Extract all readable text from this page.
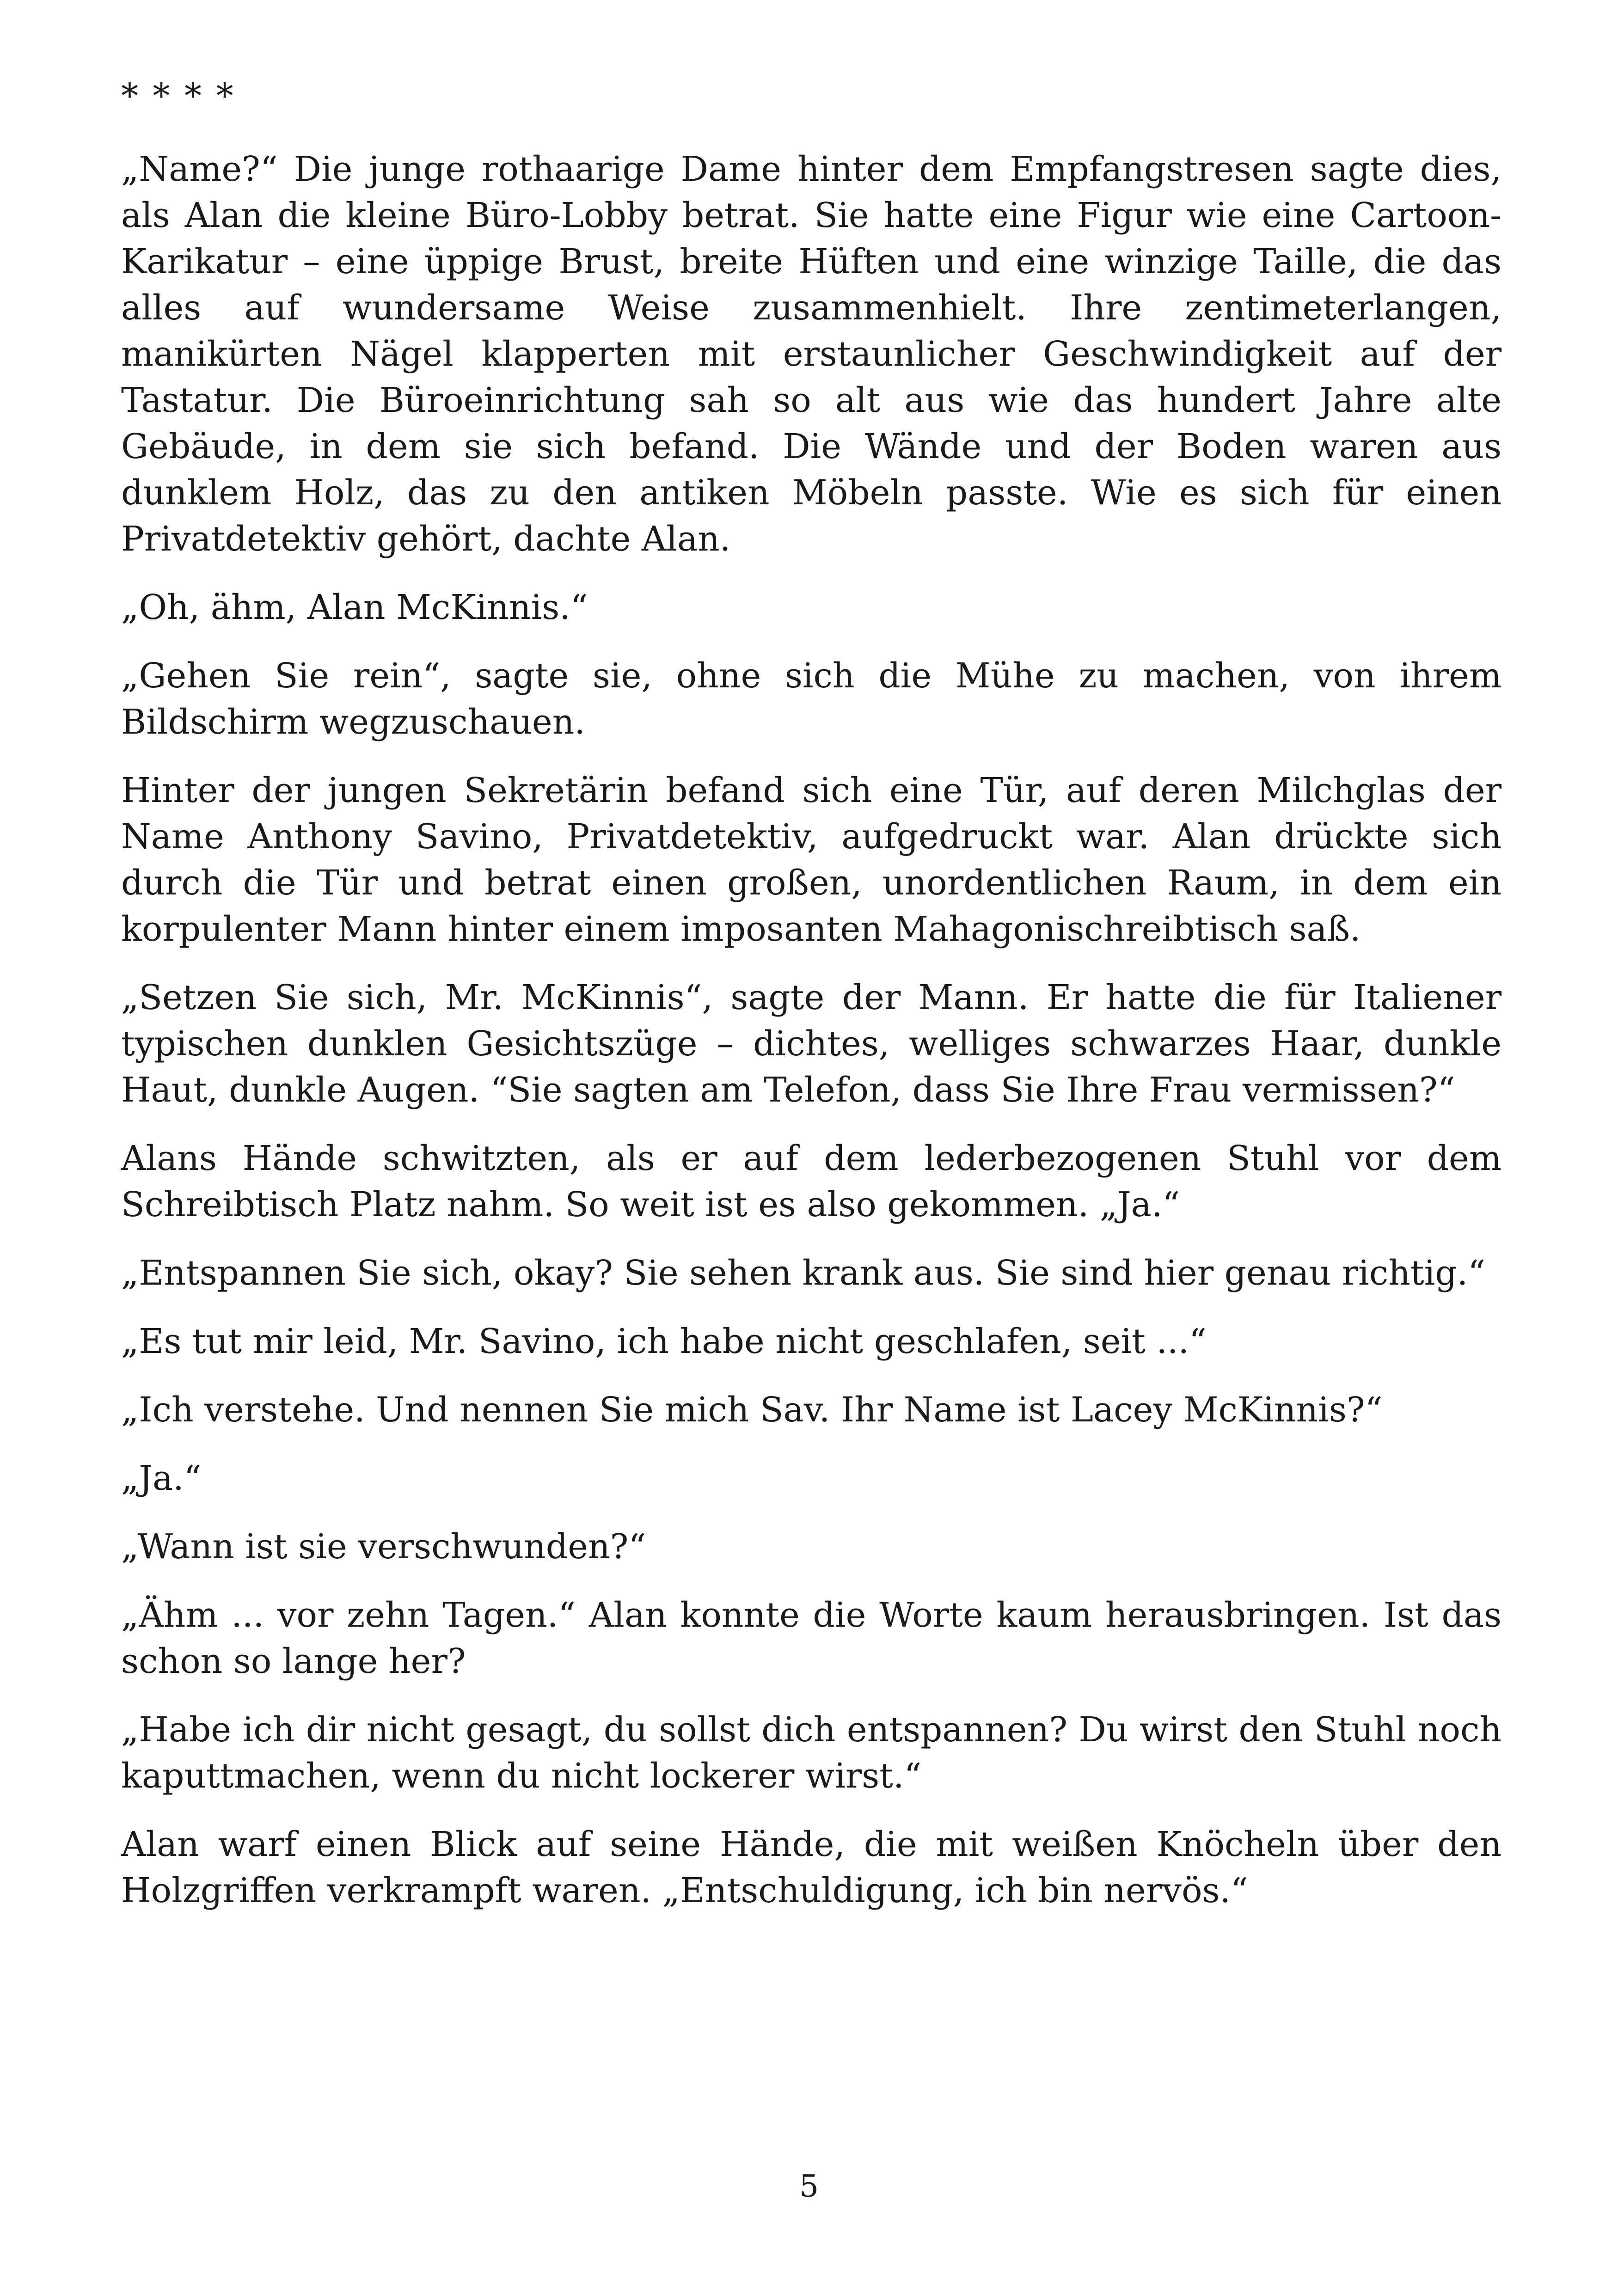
* * * *

„Name?“ Die junge rothaarige Dame hinter dem Empfangstresen sagte dies, als Alan die kleine Büro-Lobby betrat. Sie hatte eine Figur wie eine Cartoon-Karikatur – eine üppige Brust, breite Hüften und eine winzige Taille, die das alles auf wundersame Weise zusammenhielt. Ihre zentimeterlangen, manikürten Nägel klapperten mit erstaunlicher Geschwindigkeit auf der Tastatur. Die Büroeinrichtung sah so alt aus wie das hundert Jahre alte Gebäude, in dem sie sich befand. Die Wände und der Boden waren aus dunklem Holz, das zu den antiken Möbeln passte. Wie es sich für einen Privatdetektiv gehört, dachte Alan.

„Oh, ähm, Alan McKinnis.“

„Gehen Sie rein“, sagte sie, ohne sich die Mühe zu machen, von ihrem Bildschirm wegzuschauen.

Hinter der jungen Sekretärin befand sich eine Tür, auf deren Milchglas der Name Anthony Savino, Privatdetektiv, aufgedruckt war. Alan drückte sich durch die Tür und betrat einen großen, unordentlichen Raum, in dem ein korpulenter Mann hinter einem imposanten Mahagonischreibtisch saß.

„Setzen Sie sich, Mr. McKinnis“, sagte der Mann. Er hatte die für Italiener typischen dunklen Gesichtszüge – dichtes, welliges schwarzes Haar, dunkle Haut, dunkle Augen. “Sie sagten am Telefon, dass Sie Ihre Frau vermissen?“

Alans Hände schwitzten, als er auf dem lederbezogenen Stuhl vor dem Schreibtisch Platz nahm. So weit ist es also gekommen. „Ja.“

„Entspannen Sie sich, okay? Sie sehen krank aus. Sie sind hier genau richtig.“

„Es tut mir leid, Mr. Savino, ich habe nicht geschlafen, seit ...“

„Ich verstehe. Und nennen Sie mich Sav. Ihr Name ist Lacey McKinnis?“

„Ja.“

„Wann ist sie verschwunden?“

„Ähm ... vor zehn Tagen.“ Alan konnte die Worte kaum herausbringen. Ist das schon so lange her?

„Habe ich dir nicht gesagt, du sollst dich entspannen? Du wirst den Stuhl noch kaputtmachen, wenn du nicht lockerer wirst.“

Alan warf einen Blick auf seine Hände, die mit weißen Knöcheln über den Holzgriffen verkrampft waren. „Entschuldigung, ich bin nervös.“

5
